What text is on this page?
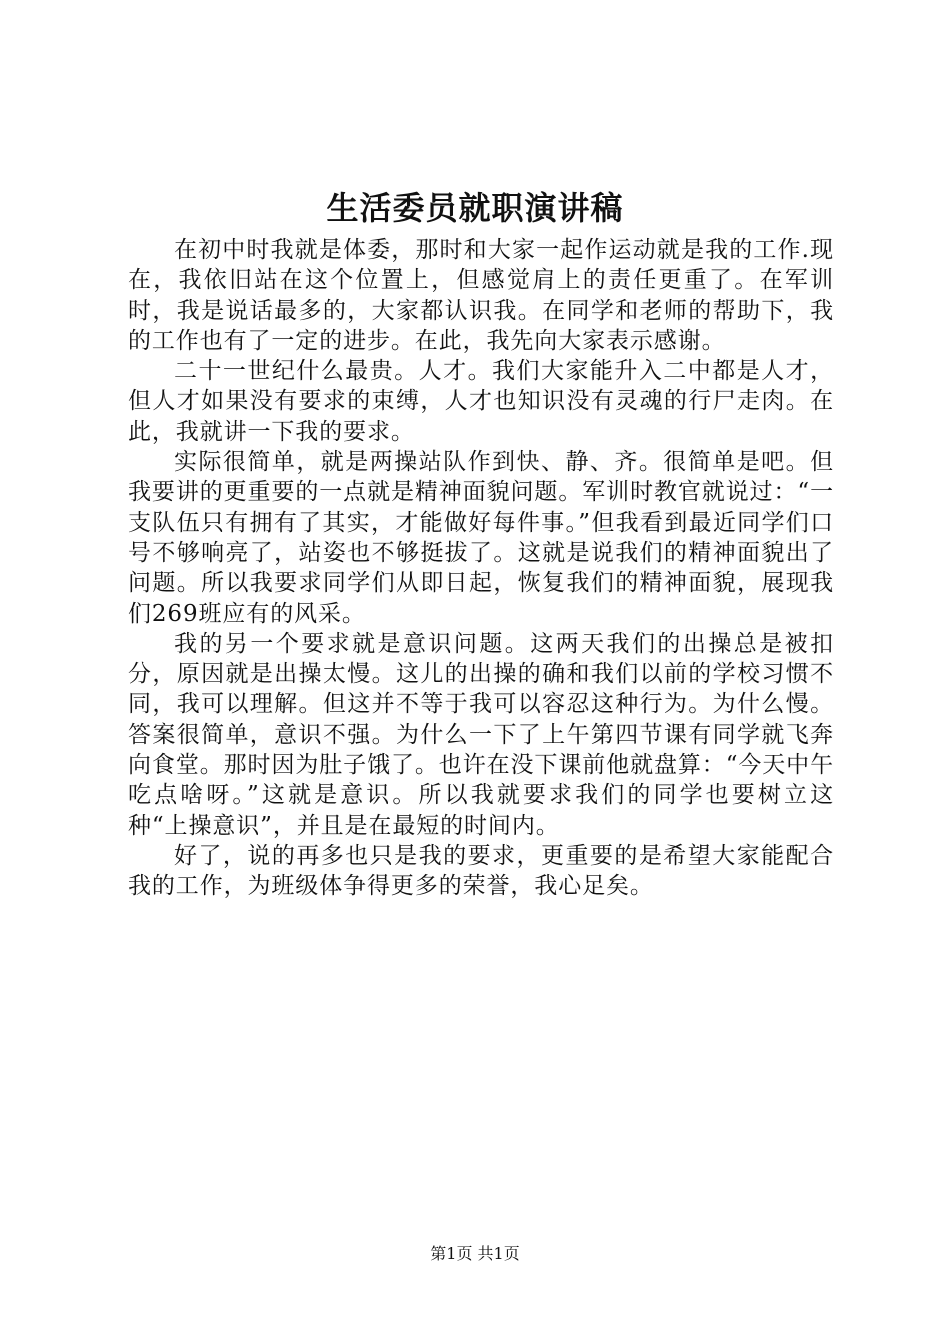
生活委员就职演讲稿

在初中时我就是体委，那时和大家一起作运动就是我的工作.现在，我依旧站在这个位置上，但感觉肩上的责任更重了。在军训时，我是说话最多的，大家都认识我。在同学和老师的帮助下，我的工作也有了一定的进步。在此，我先向大家表示感谢。

二十一世纪什么最贵。人才。我们大家能升入二中都是人才，但人才如果没有要求的束缚，人才也知识没有灵魂的行尸走肉。在此，我就讲一下我的要求。

实际很简单，就是两操站队作到快、静、齐。很简单是吧。但我要讲的更重要的一点就是精神面貌问题。军训时教官就说过：“一支队伍只有拥有了其实，才能做好每件事。”但我看到最近同学们口号不够响亮了，站姿也不够挺拔了。这就是说我们的精神面貌出了问题。所以我要求同学们从即日起，恢复我们的精神面貌，展现我们269班应有的风采。

我的另一个要求就是意识问题。这两天我们的出操总是被扣分，原因就是出操太慢。这儿的出操的确和我们以前的学校习惯不同，我可以理解。但这并不等于我可以容忍这种行为。为什么慢。答案很简单，意识不强。为什么一下了上午第四节课有同学就飞奔向食堂。那时因为肚子饿了。也许在没下课前他就盘算：“今天中午吃点啥呀。”这就是意识。所以我就要求我们的同学也要树立这种“上操意识”，并且是在最短的时间内。

好了，说的再多也只是我的要求，更重要的是希望大家能配合我的工作，为班级体争得更多的荣誉，我心足矣。

第1页 共1页
